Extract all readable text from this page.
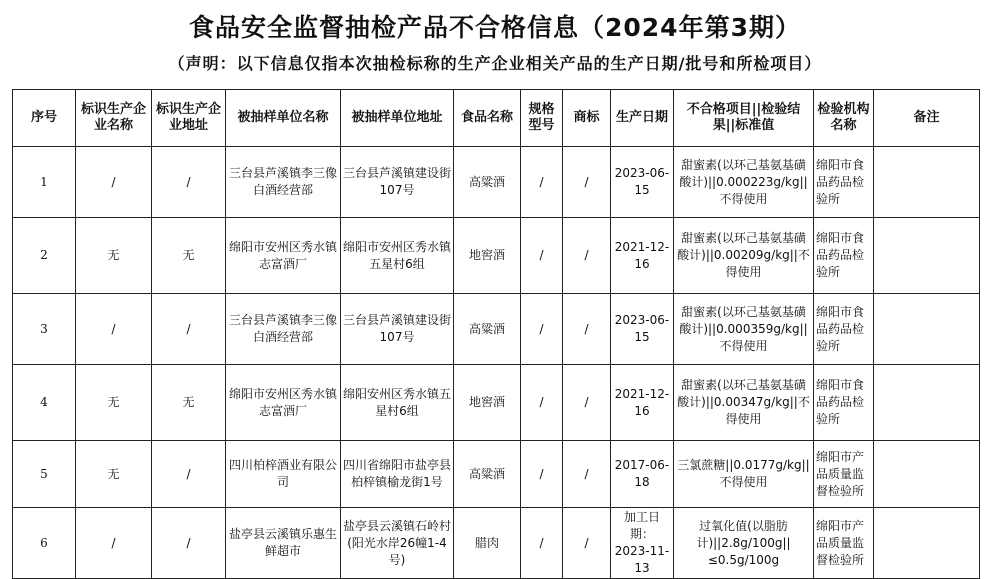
食品安全监督抽检产品不合格信息（2024年第3期）
（声明：以下信息仅指本次抽检标称的生产企业相关产品的生产日期/批号和所检项目）
序号	标识生产企业名称	标识生产企业地址	被抽样单位名称	被抽样单位地址	食品名称	规格型号	商标	生产日期	不合格项目||检验结果||标准值	检验机构名称	备注
1	/	/	三台县芦溪镇李三像白酒经营部	三台县芦溪镇建设街107号	高粱酒	/	/	2023-06-15	甜蜜素(以环己基氨基磺酸计)||0.000223g/kg||不得使用	绵阳市食品药品检验所	
2	无	无	绵阳市安州区秀水镇志富酒厂	绵阳市安州区秀水镇五星村6组	地窖酒	/	/	2021-12-16	甜蜜素(以环己基氨基磺酸计)||0.00209g/kg||不得使用	绵阳市食品药品检验所	
3	/	/	三台县芦溪镇李三像白酒经营部	三台县芦溪镇建设街107号	高粱酒	/	/	2023-06-15	甜蜜素(以环己基氨基磺酸计)||0.000359g/kg||不得使用	绵阳市食品药品检验所	
4	无	无	绵阳市安州区秀水镇志富酒厂	绵阳安州区秀水镇五星村6组	地窖酒	/	/	2021-12-16	甜蜜素(以环己基氨基磺酸计)||0.00347g/kg||不得使用	绵阳市食品药品检验所	
5	无	/	四川柏梓酒业有限公司	四川省绵阳市盐亭县柏梓镇榆龙街1号	高粱酒	/	/	2017-06-18	三氯蔗糖||0.0177g/kg||不得使用	绵阳市产品质量监督检验所	
6	/	/	盐亭县云溪镇乐惠生鲜超市	盐亭县云溪镇石岭村(阳光水岸26幢1-4号)	腊肉	/	/	加工日期：2023-11-13	过氧化值(以脂肪计)||2.8g/100g||≤0.5g/100g	绵阳市产品质量监督检验所	
